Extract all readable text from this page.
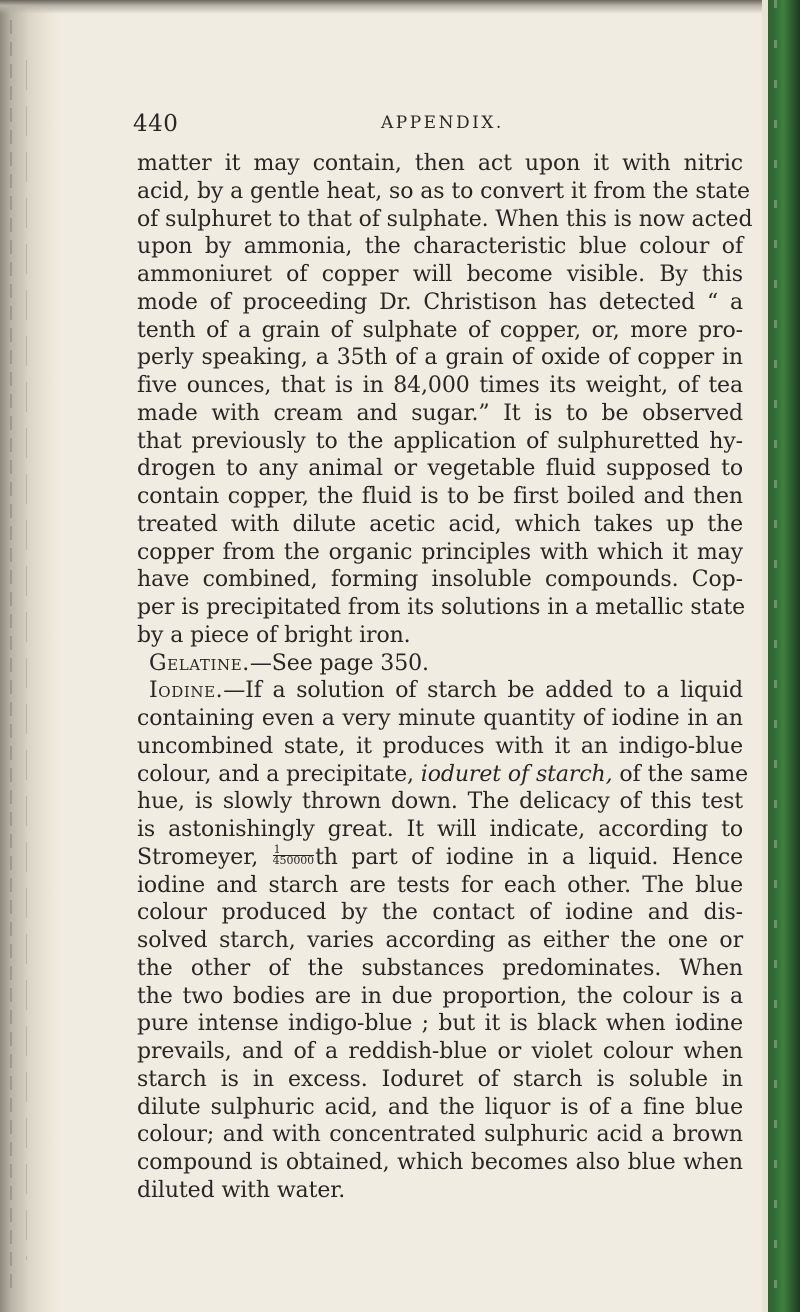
440	APPENDIX.
matter it may contain, then act upon it with nitric
acid, by a gentle heat, so as to convert it from the state
of sulphuret to that of sulphate. When this is now acted
upon by ammonia, the characteristic blue colour of
ammoniuret of copper will become visible. By this
mode of proceeding Dr. Christison has detected “ a
tenth of a grain of sulphate of copper, or, more pro-
perly speaking, a 35th of a grain of oxide of copper in
five ounces, that is in 84,000 times its weight, of tea
made with cream and sugar.” It is to be observed
that previously to the application of sulphuretted hy-
drogen to any animal or vegetable fluid supposed to
contain copper, the fluid is to be first boiled and then
treated with dilute acetic acid, which takes up the
copper from the organic principles with which it may
have combined, forming insoluble compounds. Cop-
per is precipitated from its solutions in a metallic state
by a piece of bright iron.
Gelatine.—See page 350.
Iodine.—If a solution of starch be added to a liquid
containing even a very minute quantity of iodine in an
uncombined state, it produces with it an indigo-blue
colour, and a precipitate, ioduret of starch, of the same
hue, is slowly thrown down. The delicacy of this test
is astonishingly great. It will indicate, according to
Stromeyer, $\frac{1}{450000}$ th part of iodine in a liquid. Hence
iodine and starch are tests for each other. The blue
colour produced by the contact of iodine and dis-
solved starch, varies according as either the one or
the other of the substances predominates. When
the two bodies are in due proportion, the colour is a
pure intense indigo-blue ; but it is black when iodine
prevails, and of a reddish-blue or violet colour when
starch is in excess. Ioduret of starch is soluble in
dilute sulphuric acid, and the liquor is of a fine blue
colour; and with concentrated sulphuric acid a brown
compound is obtained, which becomes also blue when
diluted with water.
